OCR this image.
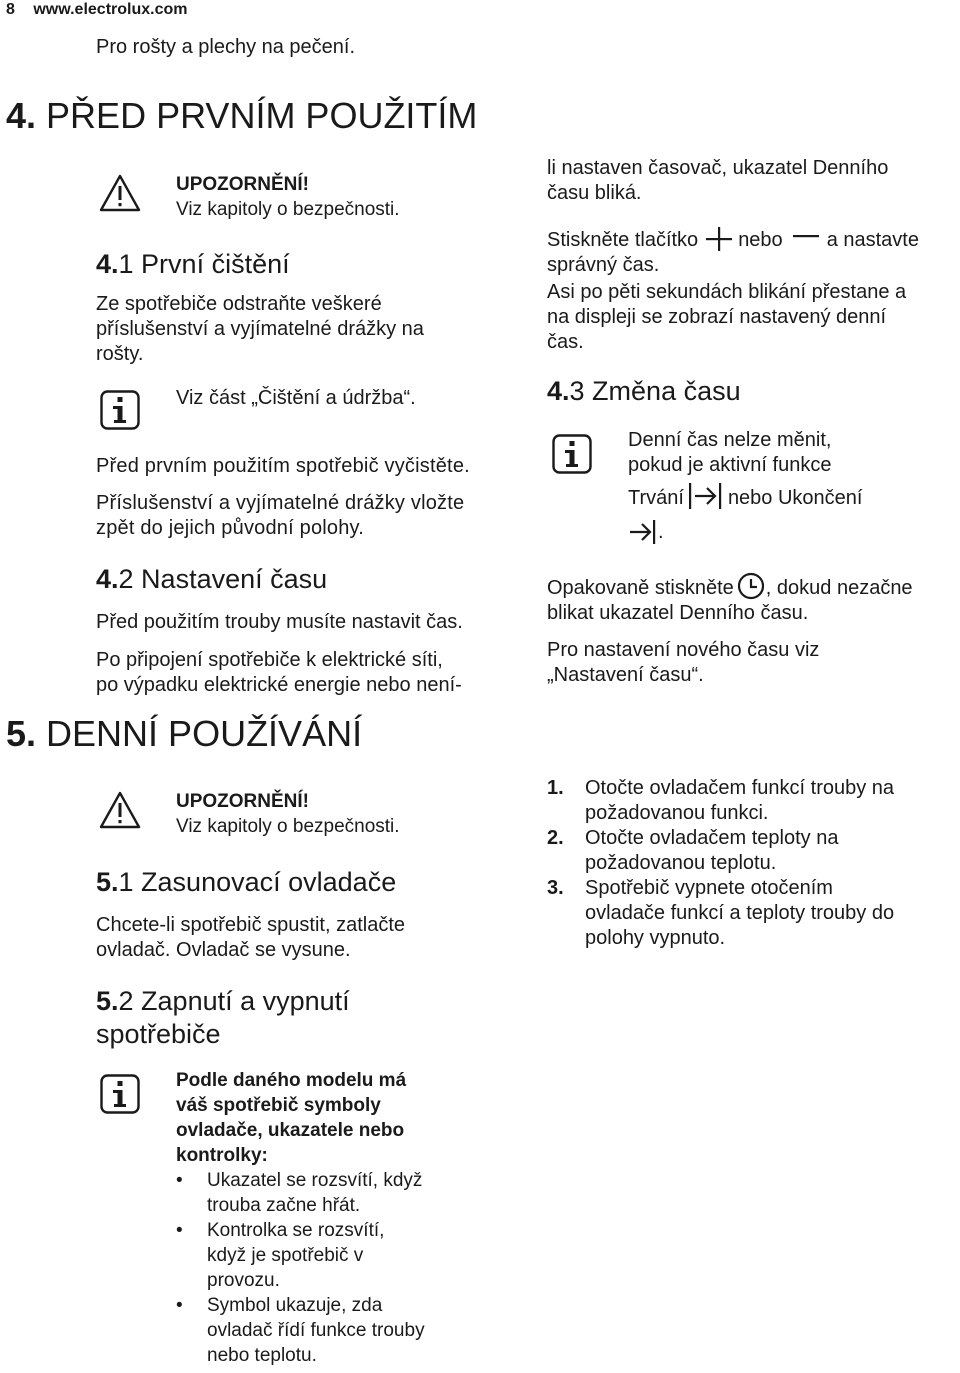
8 www.electrolux.com
Pro rošty a plechy na pečení.
4. PŘED PRVNÍM POUŽITÍM
UPOZORNĚNÍ!
Viz kapitoly o bezpečnosti.
4.1 První čištění
Ze spotřebiče odstraňte veškeré
příslušenství a vyjímatelné drážky na
rošty.
Viz část „Čištění a údržba“.
Před prvním použitím spotřebič vyčistěte.
Příslušenství a vyjímatelné drážky vložte
zpět do jejich původní polohy.
4.2 Nastavení času
Před použitím trouby musíte nastavit čas.
Po připojení spotřebiče k elektrické síti,
po výpadku elektrické energie nebo není-
li nastaven časovač, ukazatel Denního
času bliká.
Stiskněte tlačítko nebo a nastavte
správný čas.
Asi po pěti sekundách blikání přestane a
na displeji se zobrazí nastavený denní
čas.
4.3 Změna času
Denní čas nelze měnit,
pokud je aktivní funkce
Trvání nebo Ukončení
.
Opakovaně stiskněte , dokud nezačne
blikat ukazatel Denního času.
Pro nastavení nového času viz
„Nastavení času“.
5. DENNÍ POUŽÍVÁNÍ
UPOZORNĚNÍ!
Viz kapitoly o bezpečnosti.
5.1 Zasunovací ovladače
Chcete-li spotřebič spustit, zatlačte
ovladač. Ovladač se vysune.
5.2 Zapnutí a vypnutí
spotřebiče
Podle daného modelu má
váš spotřebič symboly
ovladače, ukazatele nebo
kontrolky:
• Ukazatel se rozsvítí, když
trouba začne hřát.
• Kontrolka se rozsvítí,
když je spotřebič v
provozu.
• Symbol ukazuje, zda
ovladač řídí funkce trouby
nebo teplotu.
1. Otočte ovladačem funkcí trouby na
požadovanou funkci.
2. Otočte ovladačem teploty na
požadovanou teplotu.
3. Spotřebič vypnete otočením
ovladače funkcí a teploty trouby do
polohy vypnuto.
